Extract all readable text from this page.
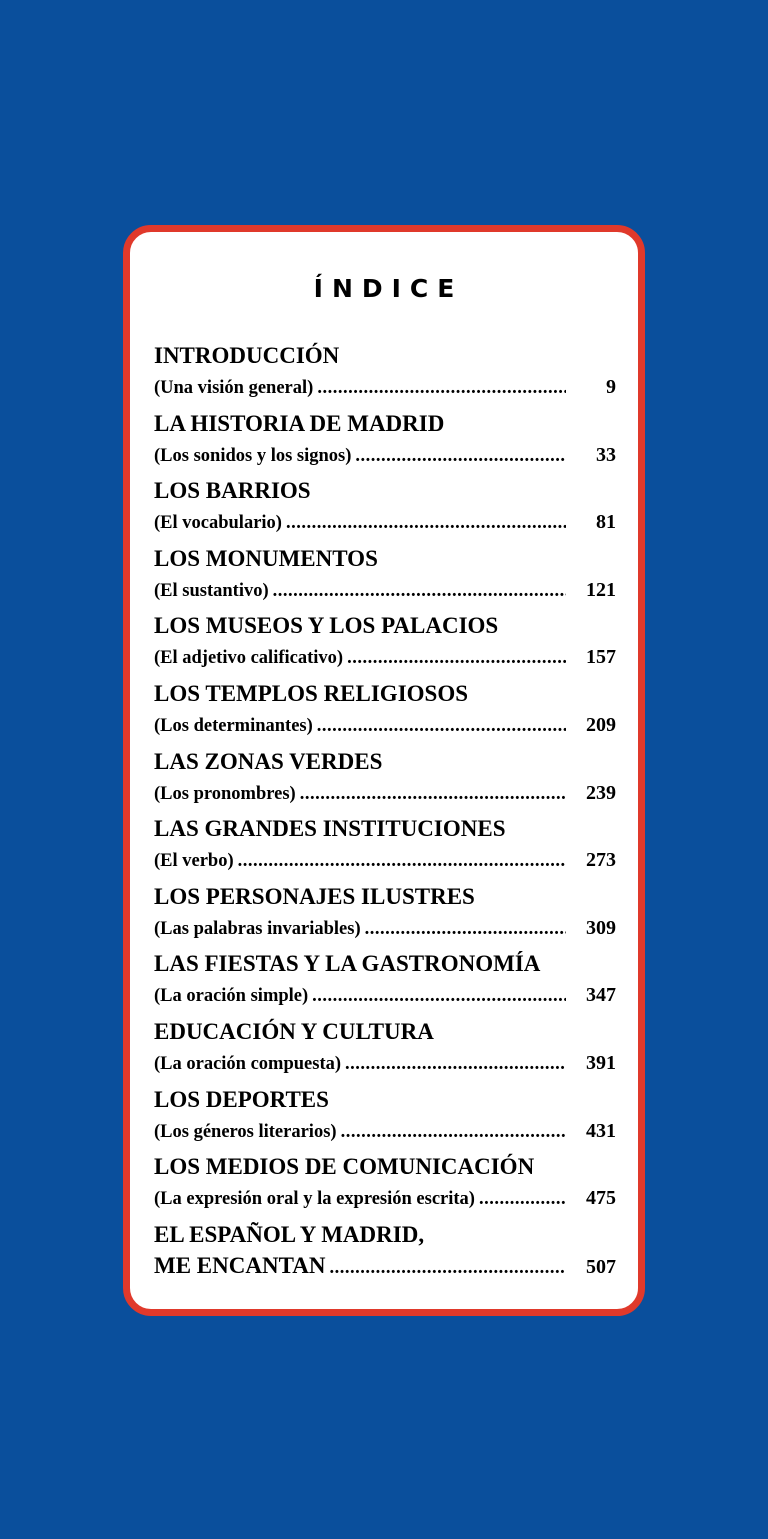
ÍNDICE
INTRODUCCIÓN
(Una visión general) .....	9
LA HISTORIA DE MADRID
(Los sonidos y los signos) .....	33
LOS BARRIOS
(El vocabulario) .....	81
LOS MONUMENTOS
(El sustantivo) .....	121
LOS MUSEOS Y LOS PALACIOS
(El adjetivo calificativo) .....	157
LOS TEMPLOS RELIGIOSOS
(Los determinantes) .....	209
LAS ZONAS VERDES
(Los pronombres) .....	239
LAS GRANDES INSTITUCIONES
(El verbo) .....	273
LOS PERSONAJES ILUSTRES
(Las palabras invariables) .....	309
LAS FIESTAS Y LA GASTRONOMÍA
(La oración simple) .....	347
EDUCACIÓN Y CULTURA
(La oración compuesta) .....	391
LOS DEPORTES
(Los géneros literarios) .....	431
LOS MEDIOS DE COMUNICACIÓN
(La expresión oral y la expresión escrita) .....	475
EL ESPAÑOL Y MADRID,
ME ENCANTAN .....	507
